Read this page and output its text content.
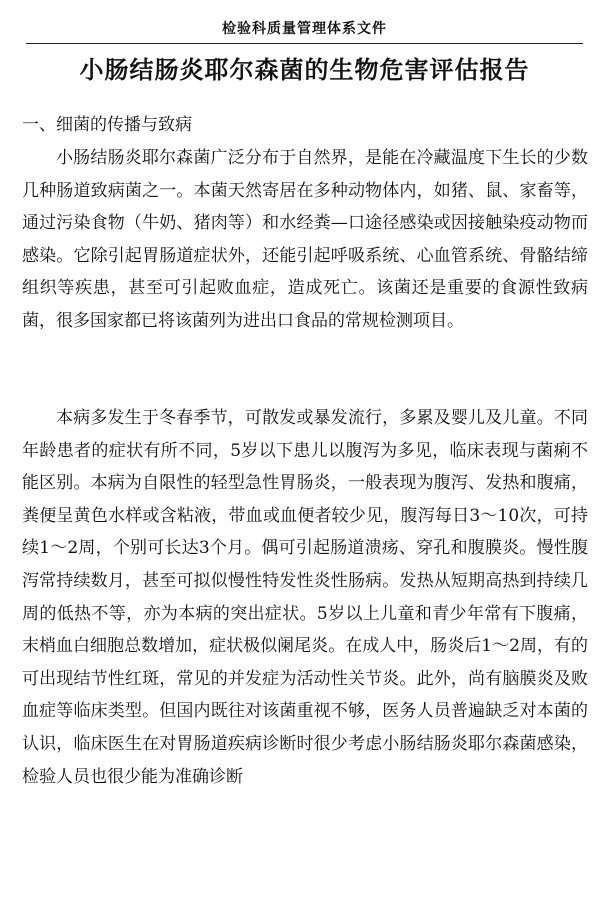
检验科质量管理体系文件
小肠结肠炎耶尔森菌的生物危害评估报告
一、细菌的传播与致病

小肠结肠炎耶尔森菌广泛分布于自然界，是能在冷藏温度下生长的少数几种肠道致病菌之一。本菌天然寄居在多种动物体内，如猪、鼠、家畜等，通过污染食物（牛奶、猪肉等）和水经粪—口途径感染或因接触染疫动物而感染。它除引起胃肠道症状外，还能引起呼吸系统、心血管系统、骨骼结缔组织等疾患，甚至可引起败血症，造成死亡。该菌还是重要的食源性致病菌，很多国家都已将该菌列为进出口食品的常规检测项目。

本病多发生于冬春季节，可散发或暴发流行，多累及婴儿及儿童。不同年龄患者的症状有所不同，5岁以下患儿以腹泻为多见，临床表现与菌痢不能区别。本病为自限性的轻型急性胃肠炎，一般表现为腹泻、发热和腹痛，粪便呈黄色水样或含粘液，带血或血便者较少见，腹泻每日3～10次，可持续1～2周，个别可长达3个月。偶可引起肠道溃疡、穿孔和腹膜炎。慢性腹泻常持续数月，甚至可拟似慢性特发性炎性肠病。发热从短期高热到持续几周的低热不等，亦为本病的突出症状。5岁以上儿童和青少年常有下腹痛，末梢血白细胞总数增加，症状极似阑尾炎。在成人中，肠炎后1～2周，有的可出现结节性红斑，常见的并发症为活动性关节炎。此外，尚有脑膜炎及败血症等临床类型。但国内既往对该菌重视不够，医务人员普遍缺乏对本菌的认识，临床医生在对胃肠道疾病诊断时很少考虑小肠结肠炎耶尔森菌感染，检验人员也很少能为准确诊断
